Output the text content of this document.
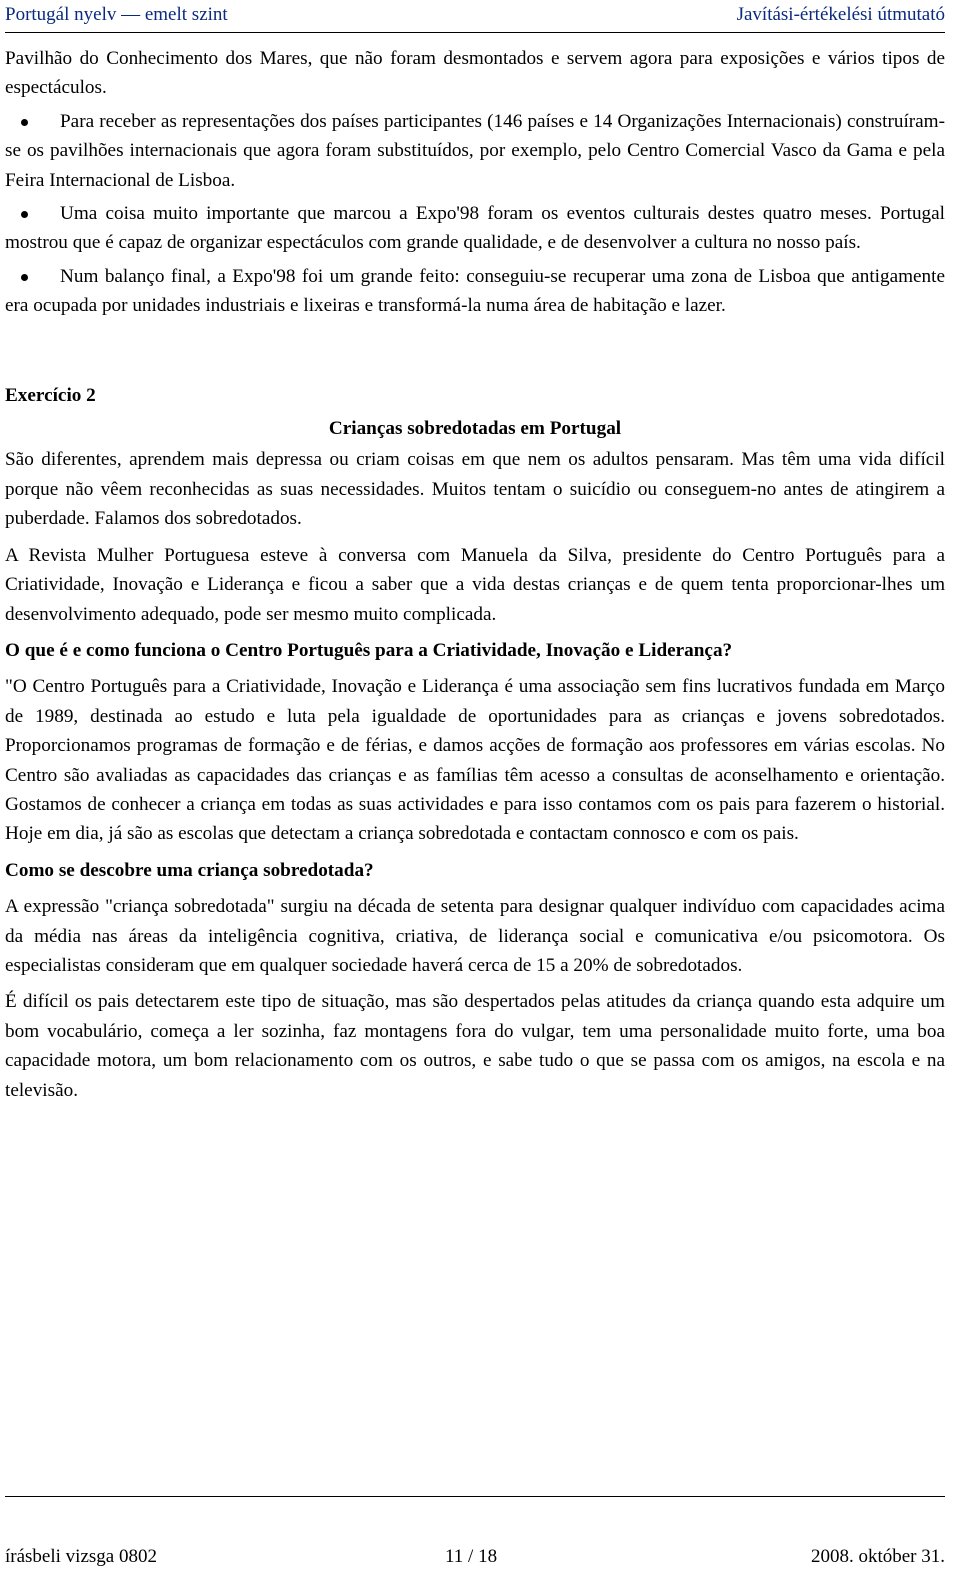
Portugál nyelv — emelt szint	Javítási-értékelési útmutató

Pavilhão do Conhecimento dos Mares, que não foram desmontados e servem agora para exposições e vários tipos de espectáculos.

Para receber as representações dos países participantes (146 países e 14 Organizações Internacionais) construíram-se os pavilhões internacionais que agora foram substituídos, por exemplo, pelo Centro Comercial Vasco da Gama e pela Feira Internacional de Lisboa.
Uma coisa muito importante que marcou a Expo'98 foram os eventos culturais destes quatro meses. Portugal mostrou que é capaz de organizar espectáculos com grande qualidade, e de desenvolver a cultura no nosso país.
Num balanço final, a Expo'98 foi um grande feito: conseguiu-se recuperar uma zona de Lisboa que antigamente era ocupada por unidades industriais e lixeiras e transformá-la numa área de habitação e lazer.
Exercício 2
Crianças sobredotadas em Portugal

São diferentes, aprendem mais depressa ou criam coisas em que nem os adultos pensaram. Mas têm uma vida difícil porque não vêem reconhecidas as suas necessidades. Muitos tentam o suicídio ou conseguem-no antes de atingirem a puberdade. Falamos dos sobredotados.

A Revista Mulher Portuguesa esteve à conversa com Manuela da Silva, presidente do Centro Português para a Criatividade, Inovação e Liderança e ficou a saber que a vida destas crianças e de quem tenta proporcionar-lhes um desenvolvimento adequado, pode ser mesmo muito complicada.

O que é e como funciona o Centro Português para a Criatividade, Inovação e Liderança?

"O Centro Português para a Criatividade, Inovação e Liderança é uma associação sem fins lucrativos fundada em Março de 1989, destinada ao estudo e luta pela igualdade de oportunidades para as crianças e jovens sobredotados. Proporcionamos programas de formação e de férias, e damos acções de formação aos professores em várias escolas. No Centro são avaliadas as capacidades das crianças e as famílias têm acesso a consultas de aconselhamento e orientação. Gostamos de conhecer a criança em todas as suas actividades e para isso contamos com os pais para fazerem o historial. Hoje em dia, já são as escolas que detectam a criança sobredotada e contactam connosco e com os pais.

Como se descobre uma criança sobredotada?

A expressão "criança sobredotada" surgiu na década de setenta para designar qualquer indivíduo com capacidades acima da média nas áreas da inteligência cognitiva, criativa, de liderança social e comunicativa e/ou psicomotora. Os especialistas consideram que em qualquer sociedade haverá cerca de 15 a 20% de sobredotados.

É difícil os pais detectarem este tipo de situação, mas são despertados pelas atitudes da criança quando esta adquire um bom vocabulário, começa a ler sozinha, faz montagens fora do vulgar, tem uma personalidade muito forte, uma boa capacidade motora, um bom relacionamento com os outros, e sabe tudo o que se passa com os amigos, na escola e na televisão.

írásbeli vizsga 0802	11 / 18	2008. október 31.
